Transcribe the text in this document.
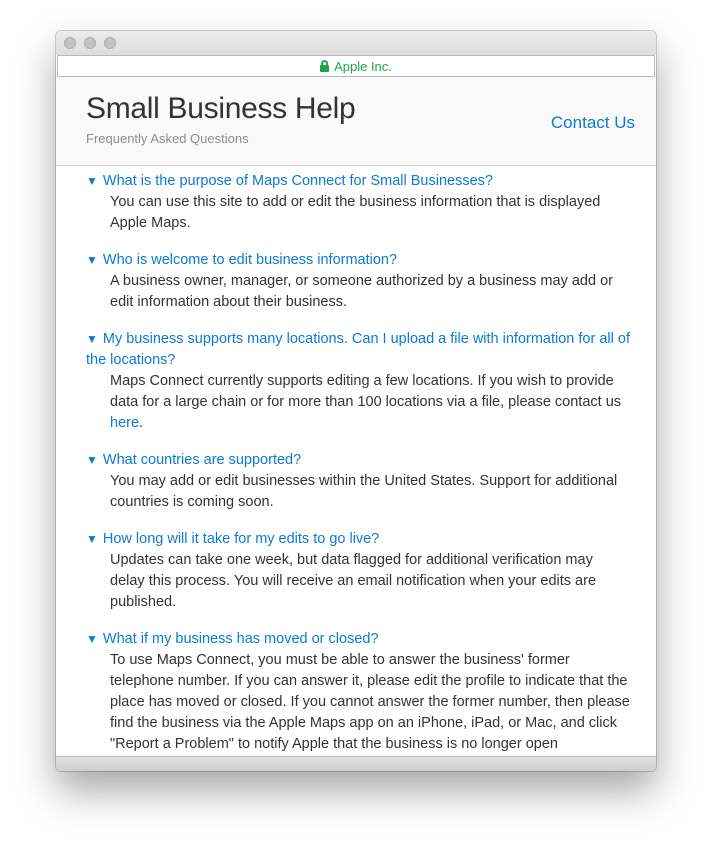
Apple Inc.
Small Business Help
Frequently Asked Questions
Contact Us
▼ What is the purpose of Maps Connect for Small Businesses?
You can use this site to add or edit the business information that is displayed Apple Maps.
▼ Who is welcome to edit business information?
A business owner, manager, or someone authorized by a business may add or edit information about their business.
▼ My business supports many locations. Can I upload a file with information for all of the locations?
Maps Connect currently supports editing a few locations. If you wish to provide data for a large chain or for more than 100 locations via a file, please contact us here.
▼ What countries are supported?
You may add or edit businesses within the United States. Support for additional countries is coming soon.
▼ How long will it take for my edits to go live?
Updates can take one week, but data flagged for additional verification may delay this process. You will receive an email notification when your edits are published.
▼ What if my business has moved or closed?
To use Maps Connect, you must be able to answer the business' former telephone number. If you can answer it, please edit the profile to indicate that the place has moved or closed. If you cannot answer the former number, then please find the business via the Apple Maps app on an iPhone, iPad, or Mac, and click "Report a Problem" to notify Apple that the business is no longer open
